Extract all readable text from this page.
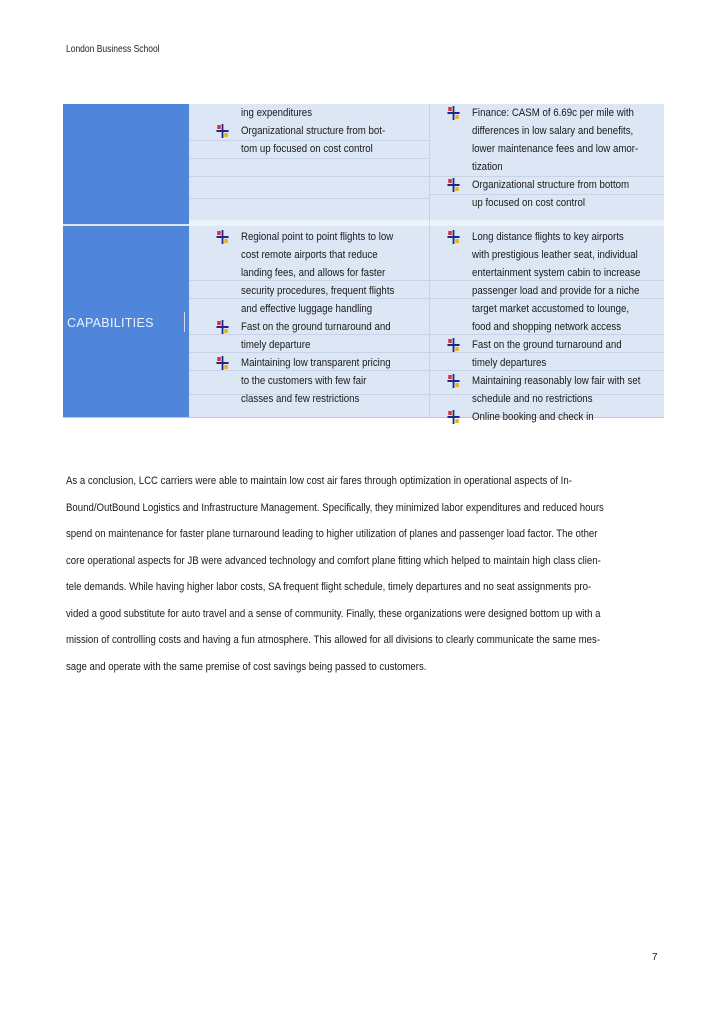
London Business School
CAPABILITIES
ing expenditures
Organizational structure from bot-
tom up focused on cost control
Finance: CASM of 6.69c per mile with
differences in low salary and benefits,
lower maintenance fees and low amor-
tization
Organizational structure from bottom
up focused on cost control
Regional point to point flights to low
cost remote airports that reduce
landing fees, and allows for faster
security procedures, frequent flights
and effective luggage handling
Fast on the ground turnaround and
timely departure
Maintaining low transparent pricing
to the customers with few fair
classes and few restrictions
Long distance flights to key airports
with prestigious leather seat, individual
entertainment system cabin to increase
passenger load and provide for a niche
target market accustomed to lounge,
food and shopping network access
Fast on the ground turnaround and
timely departures
Maintaining reasonably low fair with set
schedule and no restrictions
Online booking and check in
As a conclusion, LCC carriers were able to maintain low cost air fares through optimization in operational aspects of In-
Bound/OutBound Logistics and Infrastructure Management. Specifically, they minimized labor expenditures and reduced hours
spend on maintenance for faster plane turnaround leading to higher utilization of planes and passenger load factor. The other
core operational aspects for JB were advanced technology and comfort plane fitting which helped to maintain high class clien-
tele demands. While having higher labor costs, SA frequent flight schedule, timely departures and no seat assignments pro-
vided a good substitute for auto travel and a sense of community. Finally, these organizations were designed bottom up with a
mission of controlling costs and having a fun atmosphere. This allowed for all divisions to clearly communicate the same mes-
sage and operate with the same premise of cost savings being passed to customers.
7
